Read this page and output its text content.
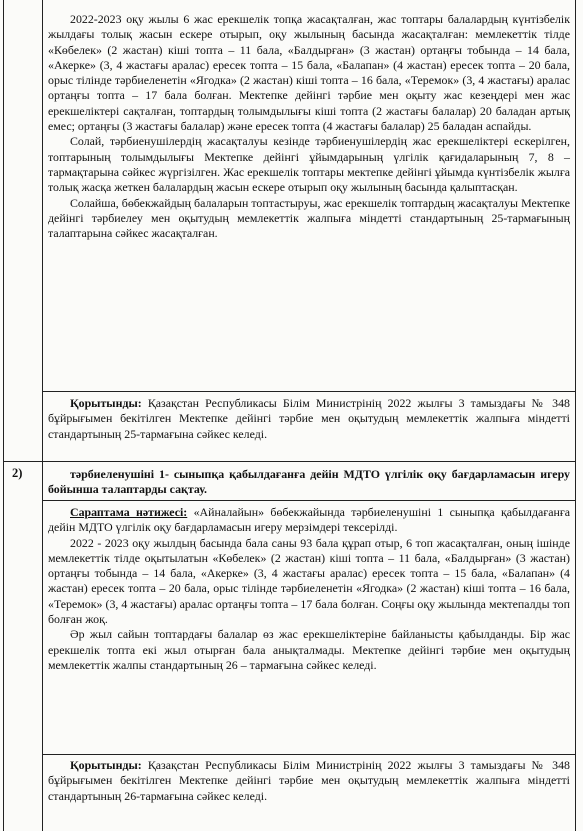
2022-2023 оқу жылы 6 жас ерекшелік топқа жасақталған, жас топтары балалардың күнтізбелік жылдағы толық жасын ескере отырып, оқу жылының басында жасақталған: мемлекеттік тілде «Көбелек» (2 жастан) кіші топта – 11 бала, «Балдырған» (3 жастан) ортаңғы тобында – 14 бала, «Акерке» (3, 4 жастағы аралас) ересек топта – 15 бала, «Балапан» (4 жастан) ересек топта – 20 бала, орыс тілінде тәрбиеленетін «Ягодка» (2 жастан) кіші топта – 16 бала, «Теремок» (3, 4 жастағы) аралас ортаңғы топта – 17 бала болған. Мектепке дейінгі тәрбие мен оқыту жас кезеңдері мен жас ерекшеліктері сақталған, топтардың толымдылығы кіші топта (2 жастағы балалар) 20 баладан артық емес; ортаңғы (3 жастағы балалар) және ересек топта (4 жастағы балалар) 25 баладан аспайды.

Солай, тәрбиенушілердің жасақталуы кезінде тәрбиенушілердің жас ерекшеліктері ескерілген, топтарының толымдылығы Мектепке дейінгі ұйымдарының үлгілік қағидаларының 7, 8 – тармақтарына сәйкес жүргізілген. Жас ерекшелік топтары мектепке дейінгі ұйымда күнтізбелік жылға толық жасқа жеткен балалардың жасын ескере отырып оқу жылының басында қалыптасқан.

Солайша, бөбекжайдың балаларын топтастыруы, жас ерекшелік топтардың жасақталуы Мектепке дейінгі тәрбиелеу мен оқытудың мемлекеттік жалпыға міндетті стандартының 25-тармағының талаптарына сәйкес жасақталған.

Қорытынды: Қазақстан Республикасы Білім Министрінің 2022 жылғы 3 тамыздағы № 348 бұйрығымен бекітілген Мектепке дейінгі тәрбие мен оқытудың мемлекеттік жалпыға міндетті стандартының 25-тармағына сәйкес келеді.

2)	тәрбиеленушіні 1- сыныпқа қабылдағанға дейін МДТО үлгілік оқу бағдарламасын игеру бойынша талаптарды сақтау.

Сараптама нәтижесі: «Айналайын» бөбекжайында тәрбиеленушіні 1 сыныпқа қабылдағанға дейін МДТО үлгілік оқу бағдарламасын игеру мерзімдері тексерілді.

2022 - 2023 оқу жылдың басында бала саны 93 бала құрап отыр, 6 топ жасақталған, оның ішінде мемлекеттік тілде оқытылатын «Көбелек» (2 жастан) кіші топта – 11 бала, «Балдырған» (3 жастан) ортаңғы тобында – 14 бала, «Акерке» (3, 4 жастағы аралас) ересек топта – 15 бала, «Балапан» (4 жастан) ересек топта – 20 бала, орыс тілінде тәрбиеленетін «Ягодка» (2 жастан) кіші топта – 16 бала, «Теремок» (3, 4 жастағы) аралас ортаңғы топта – 17 бала болған. Соңғы оқу жылында мектепалды топ болған жоқ.

Әр жыл сайын топтардағы балалар өз жас ерекшеліктеріне байланысты қабылданды. Бір жас ерекшелік топта екі жыл отырған бала анықталмады. Мектепке дейінгі тәрбие мен оқытудың мемлекеттік жалпы стандартының 26 – тармағына сәйкес келеді.

Қорытынды: Қазақстан Республикасы Білім Министрінің 2022 жылғы 3 тамыздағы № 348 бұйрығымен бекітілген Мектепке дейінгі тәрбие мен оқытудың мемлекеттік жалпыға міндетті стандартының 26-тармағына сәйкес келеді.
